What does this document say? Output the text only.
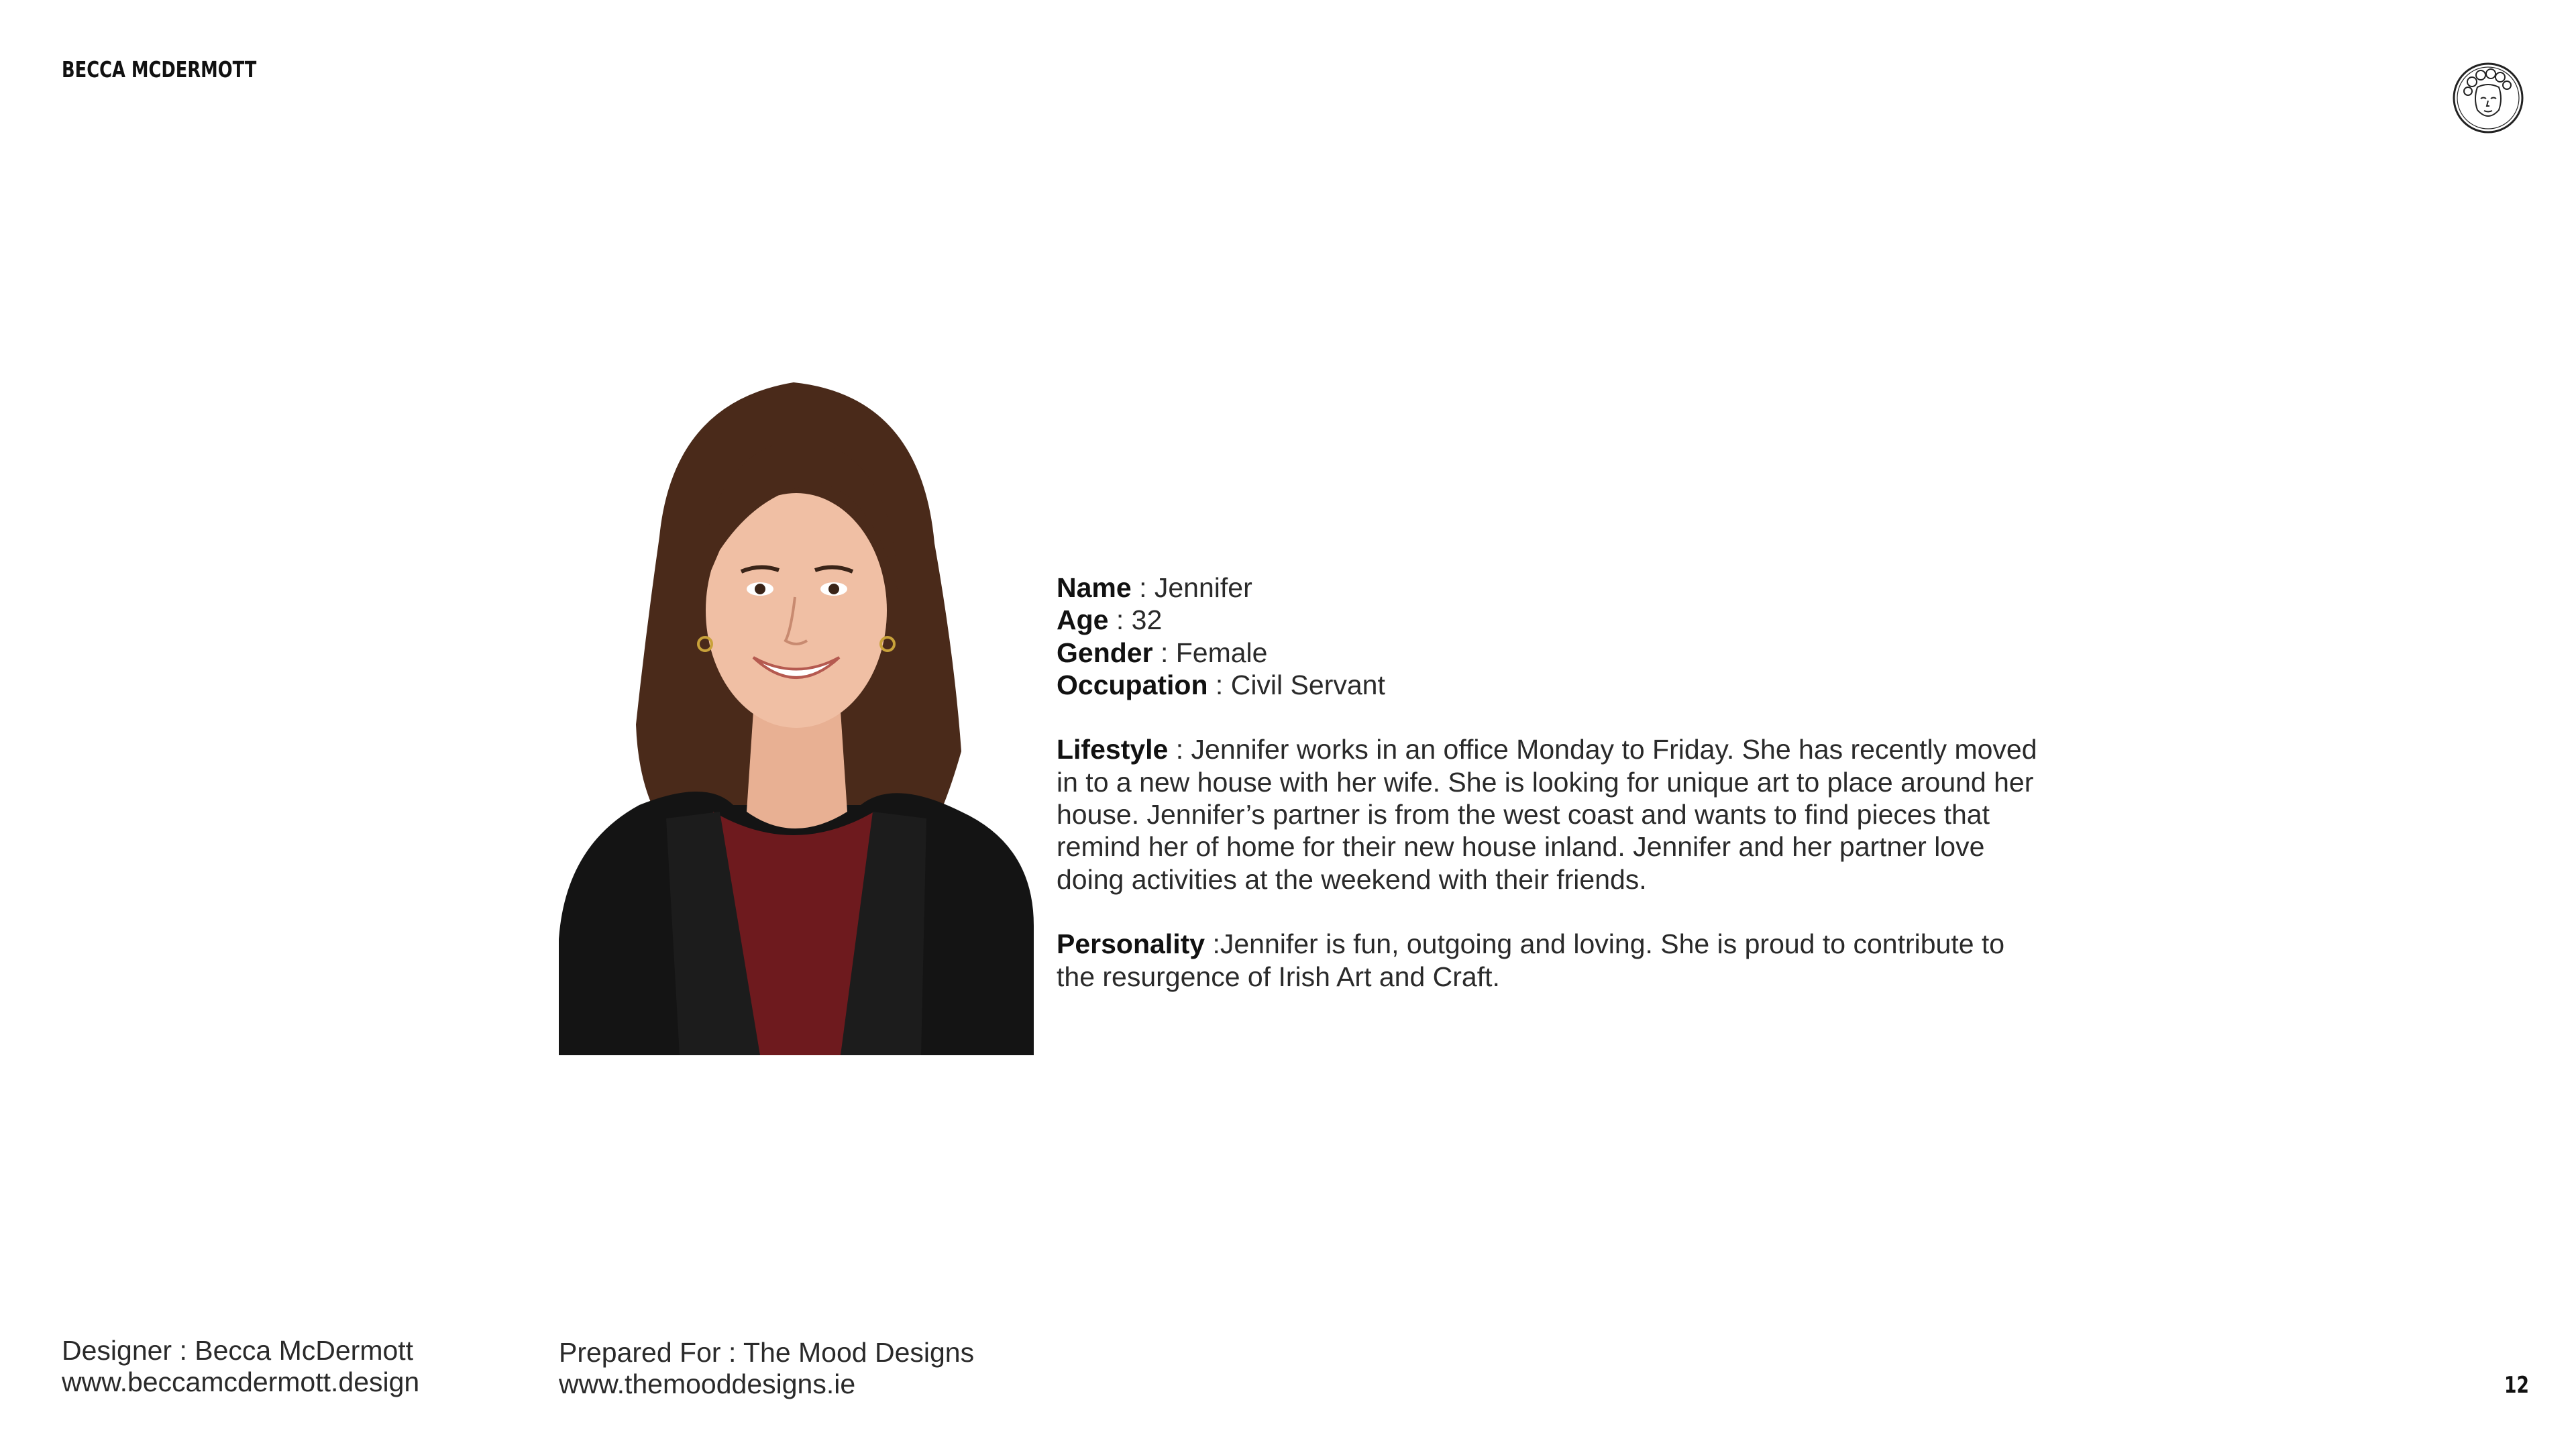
BECCA MCDERMOTT

Name : Jennifer

Age : 32

Gender : Female

Occupation : Civil Servant

Lifestyle : Jennifer works in an office Monday to Friday. She has recently moved in to a new house with her wife. She is looking for unique art to place around her house. Jennifer’s partner is from the west coast and wants to find pieces that remind her of home for their new house inland. Jennifer and her partner love doing activities at the weekend with their friends.

Personality :Jennifer is fun, outgoing and loving. She is proud to contribute to the resurgence of Irish Art and Craft.

Designer : Becca McDermott
www.beccamcdermott.design
Prepared For : The Mood Designs
www.themooddesigns.ie	12
